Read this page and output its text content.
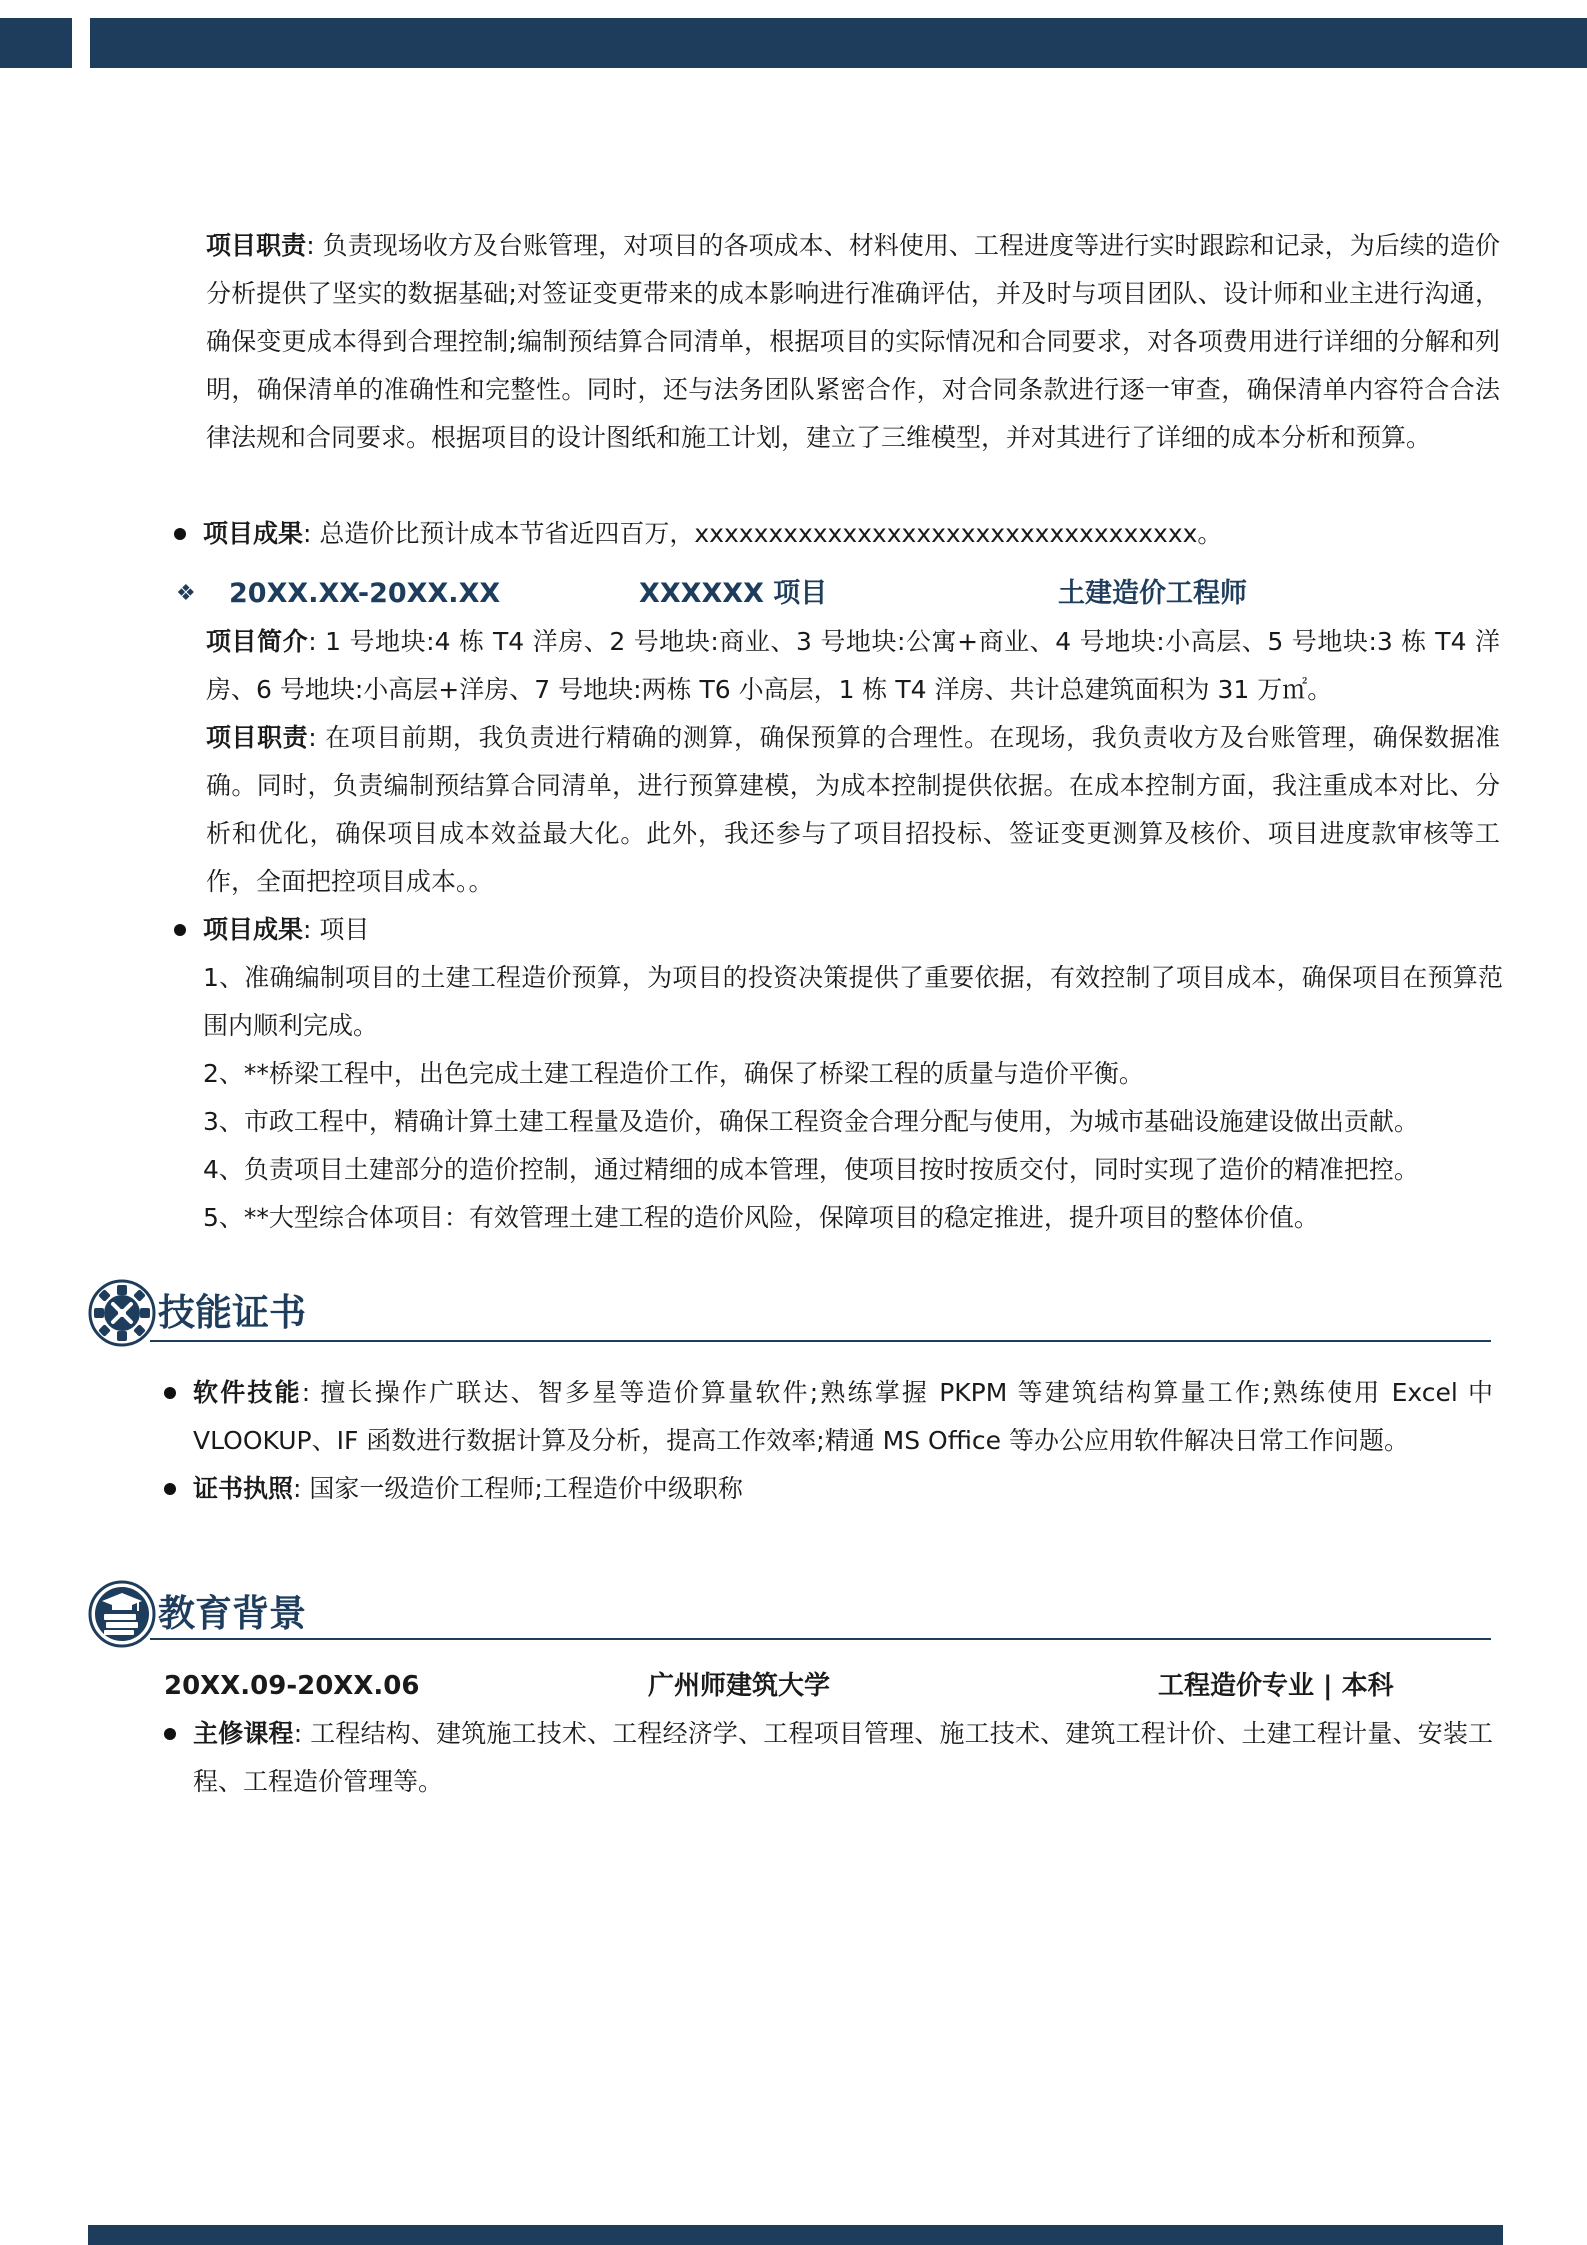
项目职责: 负责现场收方及台账管理，对项目的各项成本、材料使用、工程进度等进行实时跟踪和记录，为后续的造价分析提供了坚实的数据基础;对签证变更带来的成本影响进行准确评估，并及时与项目团队、设计师和业主进行沟通，确保变更成本得到合理控制;编制预结算合同清单，根据项目的实际情况和合同要求，对各项费用进行详细的分解和列明，确保清单的准确性和完整性。同时，还与法务团队紧密合作，对合同条款进行逐一审查，确保清单内容符合合法律法规和合同要求。根据项目的设计图纸和施工计划，建立了三维模型，并对其进行了详细的成本分析和预算。
项目成果: 总造价比预计成本节省近四百万，xxxxxxxxxxxxxxxxxxxxxxxxxxxxxxxxxx。
❖ 20XX.XX-20XX.XX	XXXXXX 项目	土建造价工程师
项目简介: 1 号地块:4 栋 T4 洋房、2 号地块:商业、3 号地块:公寓+商业、4 号地块:小高层、5 号地块:3 栋 T4 洋房、6 号地块:小高层+洋房、7 号地块:两栋 T6 小高层，1 栋 T4 洋房、共计总建筑面积为 31 万㎡。
项目职责: 在项目前期，我负责进行精确的测算，确保预算的合理性。在现场，我负责收方及台账管理，确保数据准确。同时，负责编制预结算合同清单，进行预算建模，为成本控制提供依据。在成本控制方面，我注重成本对比、分析和优化，确保项目成本效益最大化。此外，我还参与了项目招投标、签证变更测算及核价、项目进度款审核等工作，全面把控项目成本。。
项目成果: 项目
1、准确编制项目的土建工程造价预算，为项目的投资决策提供了重要依据，有效控制了项目成本，确保项目在预算范围内顺利完成。
2、**桥梁工程中，出色完成土建工程造价工作，确保了桥梁工程的质量与造价平衡。
3、市政工程中，精确计算土建工程量及造价，确保工程资金合理分配与使用，为城市基础设施建设做出贡献。
4、负责项目土建部分的造价控制，通过精细的成本管理，使项目按时按质交付，同时实现了造价的精准把控。
5、**大型综合体项目：有效管理土建工程的造价风险，保障项目的稳定推进，提升项目的整体价值。
技能证书
软件技能: 擅长操作广联达、智多星等造价算量软件;熟练掌握 PKPM 等建筑结构算量工作;熟练使用 Excel 中 VLOOKUP、IF 函数进行数据计算及分析，提高工作效率;精通 MS Office 等办公应用软件解决日常工作问题。
证书执照: 国家一级造价工程师;工程造价中级职称
教育背景
20XX.09-20XX.06	广州师建筑大学	工程造价专业 | 本科
主修课程: 工程结构、建筑施工技术、工程经济学、工程项目管理、施工技术、建筑工程计价、土建工程计量、安装工程、工程造价管理等。
